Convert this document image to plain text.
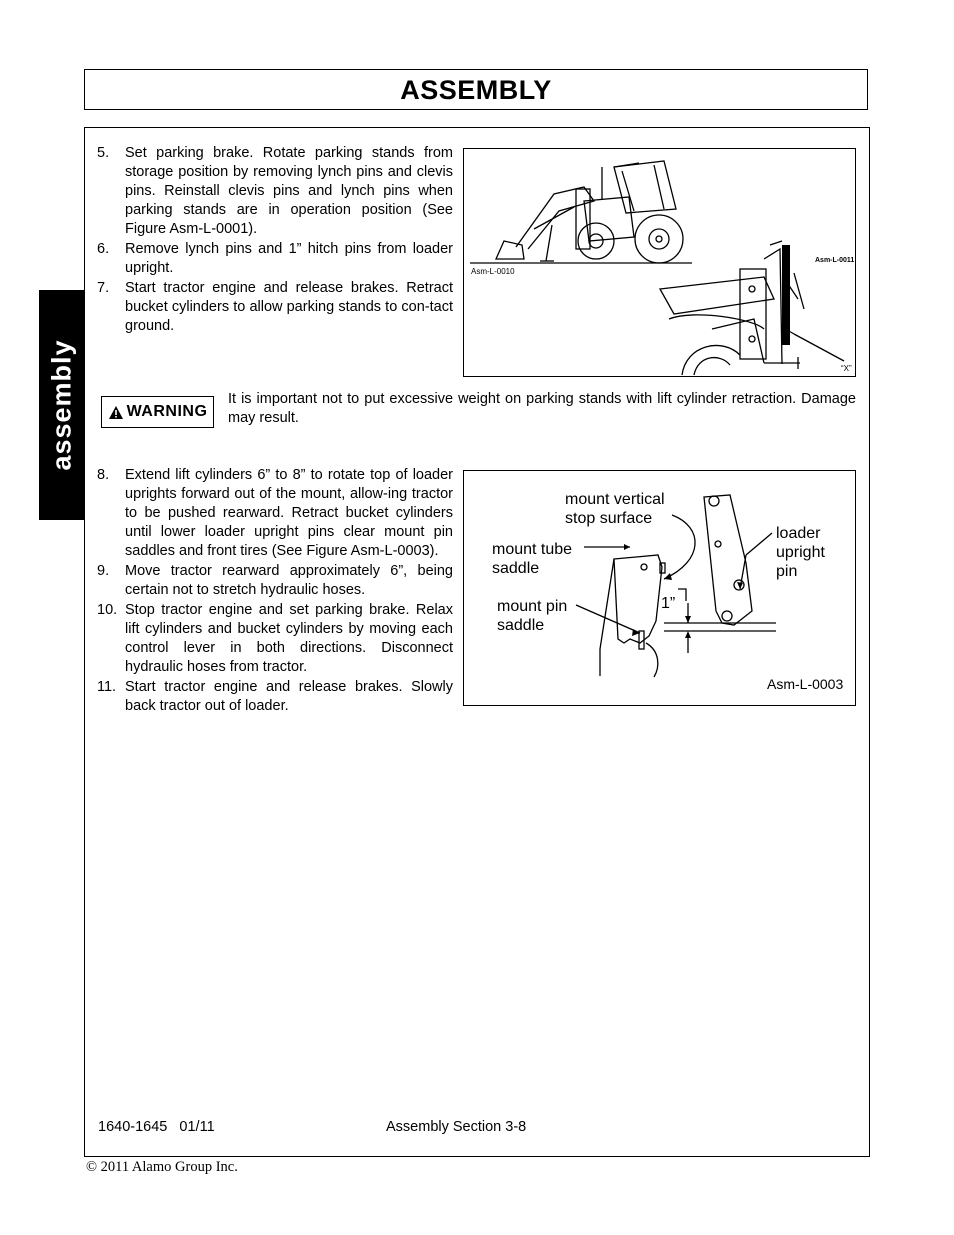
ASSEMBLY
assembly
5. Set parking brake. Rotate parking stands from storage position by removing lynch pins and clevis pins. Reinstall clevis pins and lynch pins when parking stands are in operation position (See Figure Asm-L-0001).
6. Remove lynch pins and 1” hitch pins from loader upright.
7. Start tractor engine and release brakes. Retract bucket cylinders to allow parking stands to con-tact ground.
Asm-L-0010
Asm-L-0011
“X”
WARNING

It is important not to put excessive weight on parking stands with lift cylinder retraction. Damage may result.

8. Extend lift cylinders 6” to 8” to rotate top of loader uprights forward out of the mount, allow-ing tractor to be pushed rearward. Retract bucket cylinders until lower loader upright pins clear mount pin saddles and front tires (See Figure Asm-L-0003).
9. Move tractor rearward approximately 6”, being certain not to stretch hydraulic hoses.
10. Stop tractor engine and set parking brake. Relax lift cylinders and bucket cylinders by moving each control lever in both directions. Disconnect hydraulic hoses from tractor.
11. Start tractor engine and release brakes. Slowly back tractor out of loader.
mount vertical
stop surface
mount tube
saddle
mount pin
saddle
loader
upright
pin
1”
Asm-L-0003
1640-1645   01/11	Assembly Section 3-8
© 2011 Alamo Group Inc.
